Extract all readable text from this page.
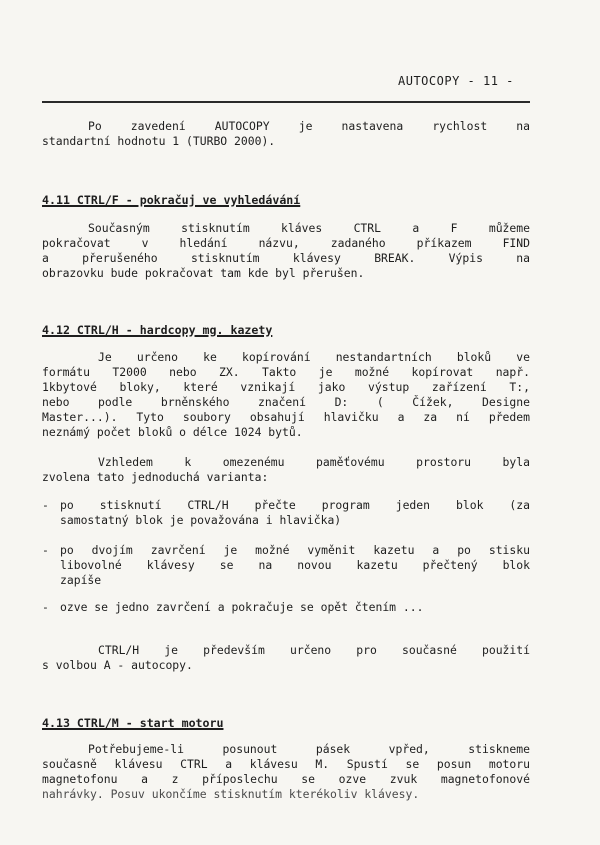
AUTOCOPY - 11 -
Po zavedení AUTOCOPY je nastavena rychlost na
standartní hodnotu 1 (TURBO 2000).
4.11 CTRL/F - pokračuj ve vyhledávání
Současným stisknutím kláves CTRL a F můžeme
pokračovat v hledání názvu, zadaného příkazem FIND
a přerušeného stisknutím klávesy BREAK. Výpis na
obrazovku bude pokračovat tam kde byl přerušen.
4.12 CTRL/H - hardcopy mg. kazety
Je určeno ke kopírování nestandartních bloků ve
formátu T2000 nebo ZX. Takto je možné kopírovat např.
1kbytové bloky, které vznikají jako výstup zařízení T:,
nebo podle brněnského značení D: ( Čížek, Designe
Master...). Tyto soubory obsahují hlavičku a za ní předem
neznámý počet bloků o délce 1024 bytů.
Vzhledem k omezenému paměťovému prostoru byla
zvolena tato jednoduchá varianta:
- po stisknutí CTRL/H přečte program jeden blok (za
samostatný blok je považována i hlavička)
- po dvojím zavrčení je možné vyměnit kazetu a po stisku
libovolné klávesy se na novou kazetu přečtený blok
zapíše
- ozve se jedno zavrčení a pokračuje se opět čtením ...
CTRL/H je především určeno pro současné použití
s volbou A - autocopy.
4.13 CTRL/M - start motoru
Potřebujeme-li posunout pásek vpřed, stiskneme
současně klávesu CTRL a klávesu M. Spustí se posun motoru
magnetofonu a z příposlechu se ozve zvuk magnetofonové
nahrávky. Posuv ukončíme stisknutím kterékoliv klávesy.
